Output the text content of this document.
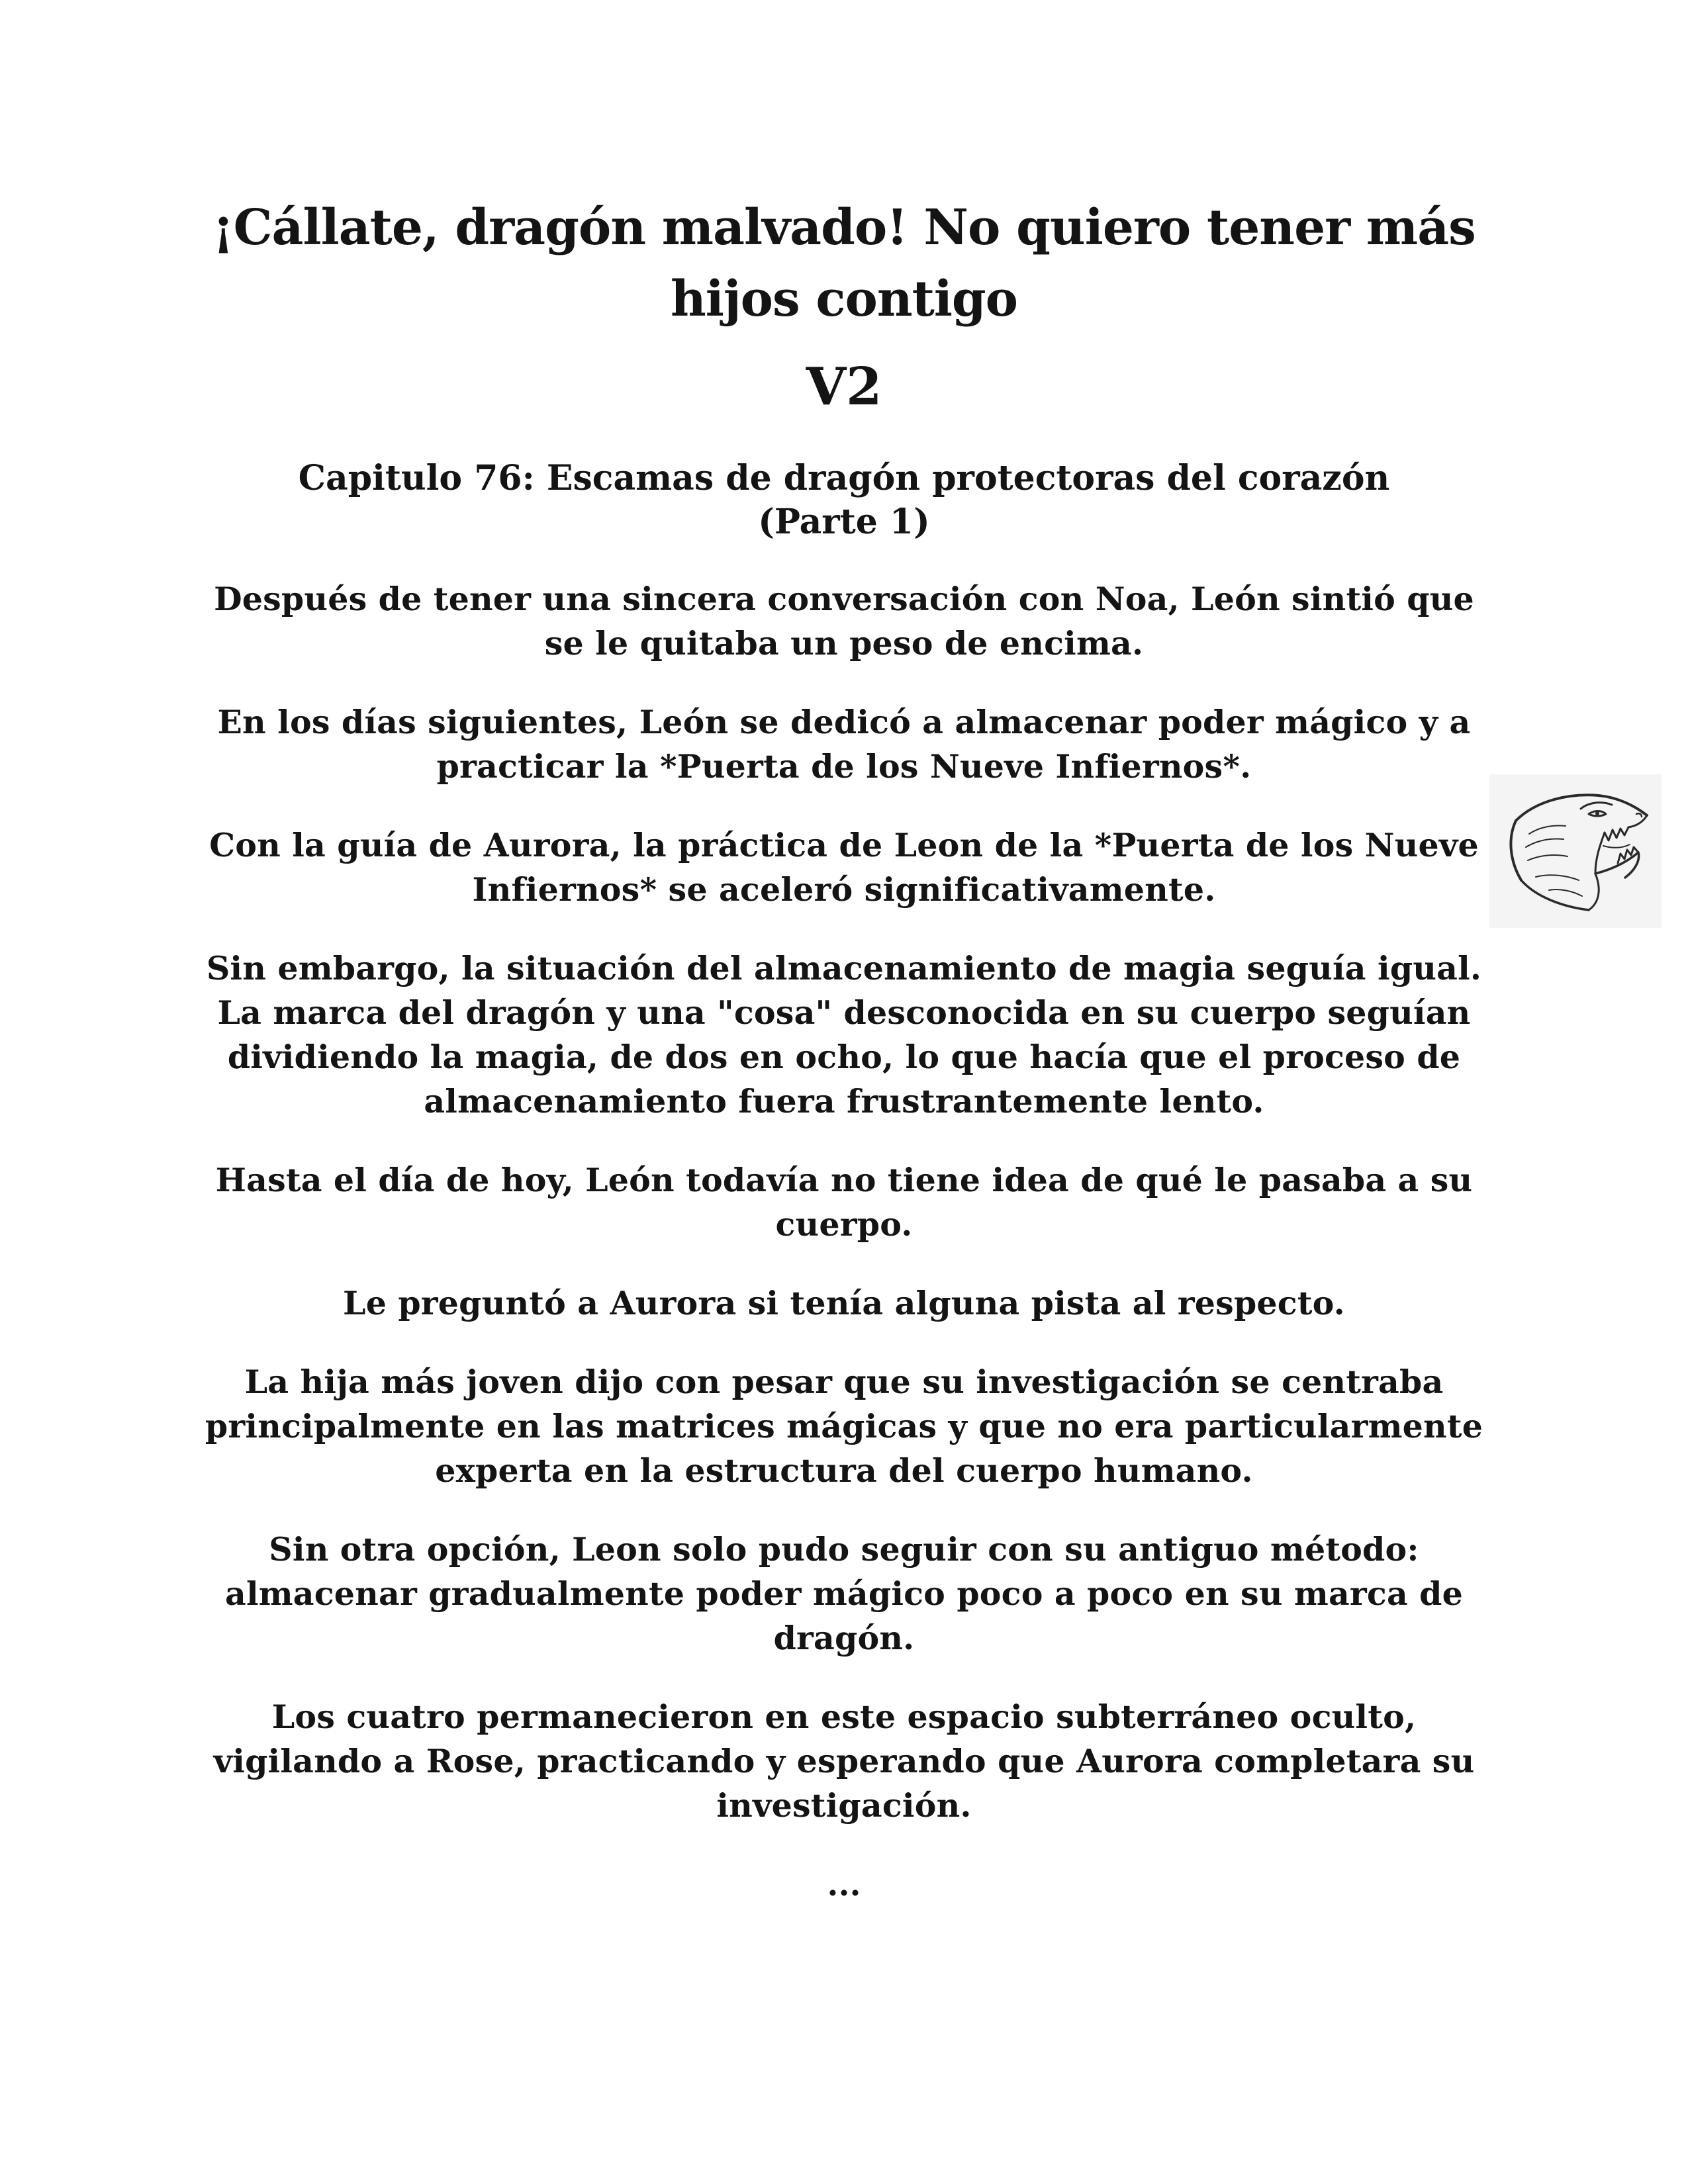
¡Cállate, dragón malvado! No quiero tener más hijos contigo
V2
Capitulo 76: Escamas de dragón protectoras del corazón (Parte 1)

Después de tener una sincera conversación con Noa, León sintió que se le quitaba un peso de encima.

En los días siguientes, León se dedicó a almacenar poder mágico y a practicar la *Puerta de los Nueve Infiernos*.

Con la guía de Aurora, la práctica de Leon de la *Puerta de los Nueve Infiernos* se aceleró significativamente.

Sin embargo, la situación del almacenamiento de magia seguía igual. La marca del dragón y una "cosa" desconocida en su cuerpo seguían dividiendo la magia, de dos en ocho, lo que hacía que el proceso de almacenamiento fuera frustrantemente lento.

Hasta el día de hoy, León todavía no tiene idea de qué le pasaba a su cuerpo.

Le preguntó a Aurora si tenía alguna pista al respecto.

La hija más joven dijo con pesar que su investigación se centraba principalmente en las matrices mágicas y que no era particularmente experta en la estructura del cuerpo humano.

Sin otra opción, Leon solo pudo seguir con su antiguo método: almacenar gradualmente poder mágico poco a poco en su marca de dragón.

Los cuatro permanecieron en este espacio subterráneo oculto, vigilando a Rose, practicando y esperando que Aurora completara su investigación.

...
